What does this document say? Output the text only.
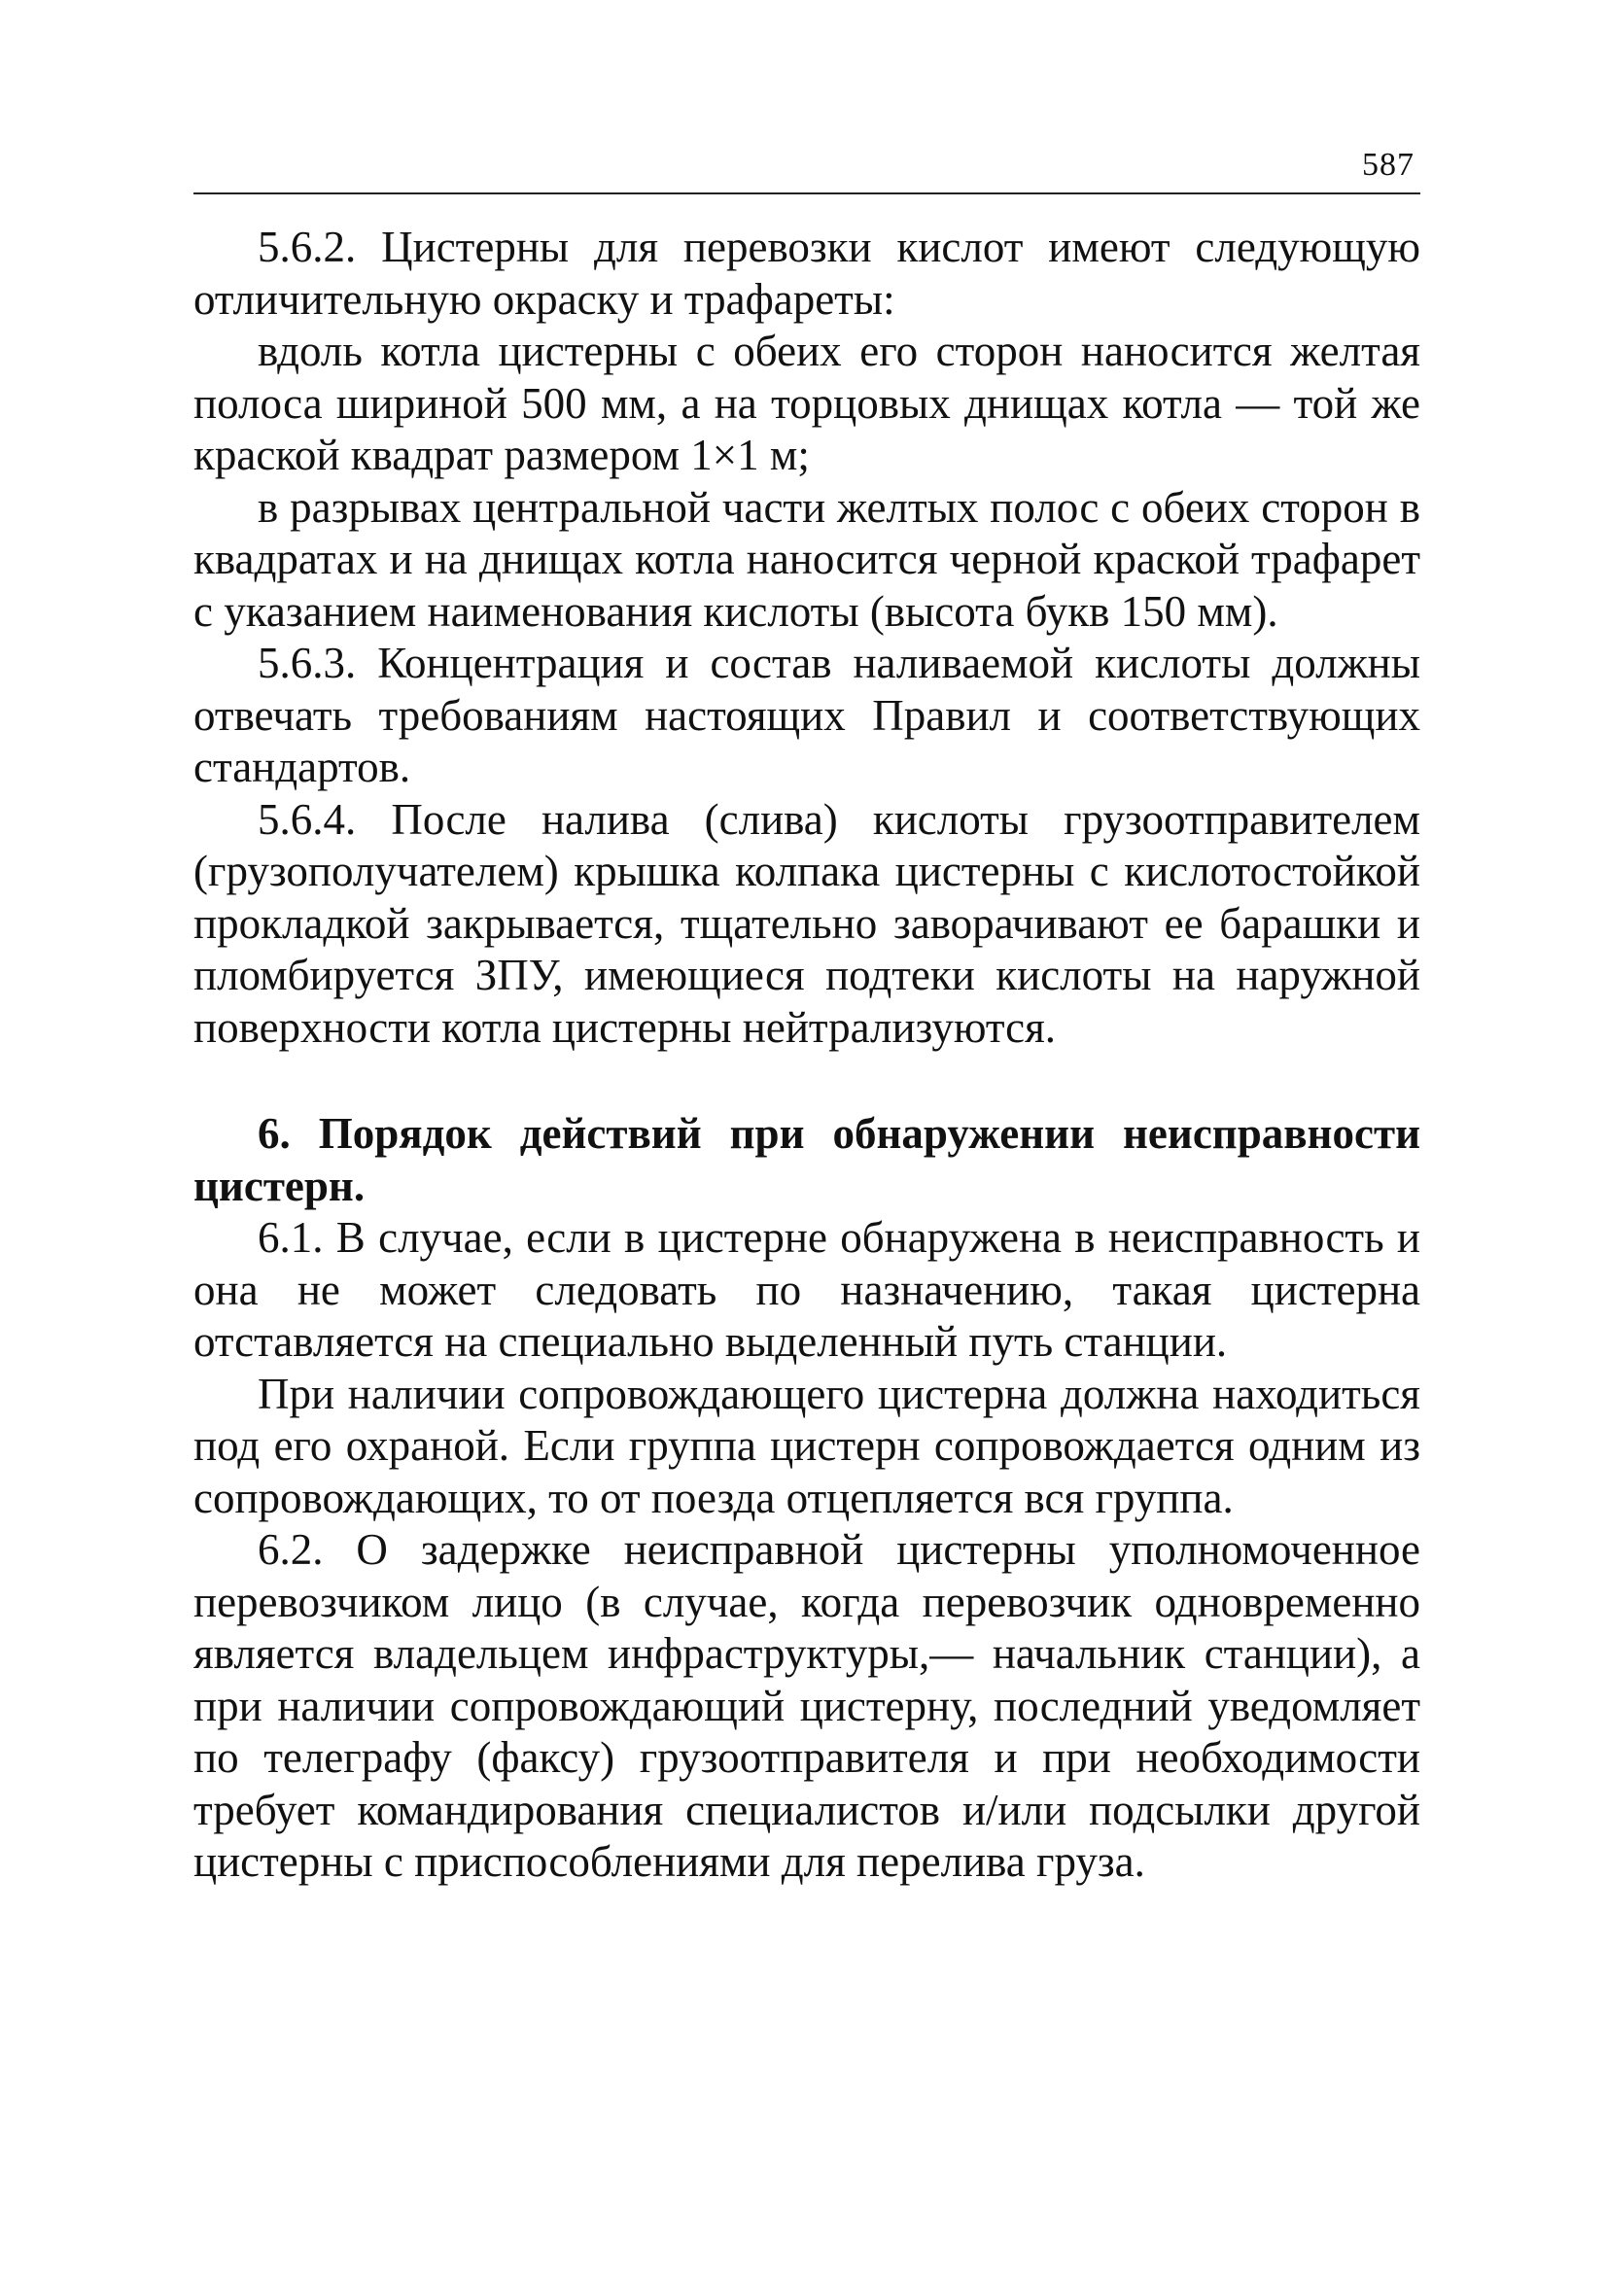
587

5.6.2. Цистерны для перевозки кислот имеют следующую отличительную окраску и трафареты:

вдоль котла цистерны с обеих его сторон наносится желтая полоса шириной 500 мм, а на торцовых днищах котла — той же краской квадрат размером 1×1 м;

в разрывах центральной части желтых полос с обеих сторон в квадратах и на днищах котла наносится черной краской трафарет с указанием наименования кислоты (высота букв 150 мм).

5.6.3. Концентрация и состав наливаемой кислоты должны отвечать требованиям настоящих Правил и соответствующих стандартов.

5.6.4. После налива (слива) кислоты грузоотправителем (грузополучателем) крышка колпака цистерны с кислотостойкой прокладкой закрывается, тщательно заворачивают ее барашки и пломбируется ЗПУ, имеющиеся подтеки кислоты на наружной поверхности котла цистерны нейтрализуются.

6. Порядок действий при обнаружении неисправности цистерн.

6.1. В случае, если в цистерне обнаружена в неисправность и она не может следовать по назначению, такая цистерна отставляется на специально выделенный путь станции.

При наличии сопровождающего цистерна должна находиться под его охраной. Если группа цистерн сопровождается одним из сопровождающих, то от поезда отцепляется вся группа.

6.2. О задержке неисправной цистерны уполномоченное перевозчиком лицо (в случае, когда перевозчик одновременно является владельцем инфраструктуры,— начальник станции), а при наличии сопровождающий цистерну, последний уведомляет по телеграфу (факсу) грузоотправителя и при необходимости требует командирования специалистов и/или подсылки другой цистерны с приспособлениями для перелива груза.
